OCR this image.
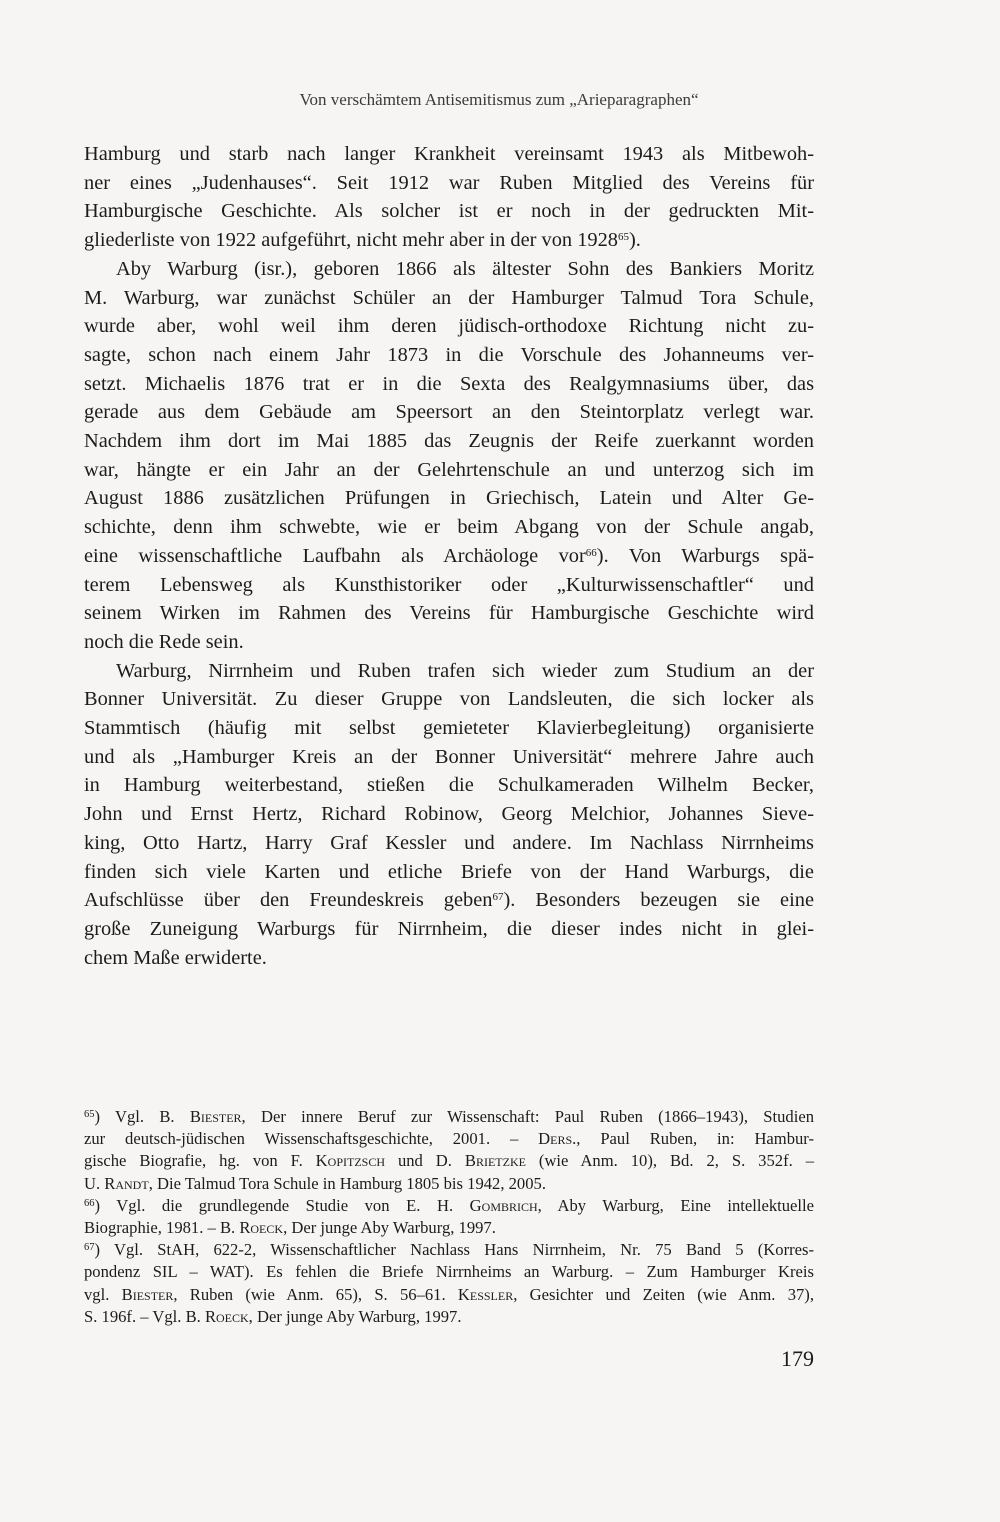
Von verschämtem Antisemitismus zum „Arieparagraphen“
Hamburg und starb nach langer Krankheit vereinsamt 1943 als Mitbewoh-
ner eines „Judenhauses“. Seit 1912 war Ruben Mitglied des Vereins für
Hamburgische Geschichte. Als solcher ist er noch in der gedruckten Mit-
gliederliste von 1922 aufgeführt, nicht mehr aber in der von 1928$^{65}$).
Aby Warburg (isr.), geboren 1866 als ältester Sohn des Bankiers Moritz
M. Warburg, war zunächst Schüler an der Hamburger Talmud Tora Schule,
wurde aber, wohl weil ihm deren jüdisch-orthodoxe Richtung nicht zu-
sagte, schon nach einem Jahr 1873 in die Vorschule des Johanneums ver-
setzt. Michaelis 1876 trat er in die Sexta des Realgymnasiums über, das
gerade aus dem Gebäude am Speersort an den Steintorplatz verlegt war.
Nachdem ihm dort im Mai 1885 das Zeugnis der Reife zuerkannt worden
war, hängte er ein Jahr an der Gelehrtenschule an und unterzog sich im
August 1886 zusätzlichen Prüfungen in Griechisch, Latein und Alter Ge-
schichte, denn ihm schwebte, wie er beim Abgang von der Schule angab,
eine wissenschaftliche Laufbahn als Archäologe vor$^{66}$). Von Warburgs spä-
terem Lebensweg als Kunsthistoriker oder „Kulturwissenschaftler“ und
seinem Wirken im Rahmen des Vereins für Hamburgische Geschichte wird
noch die Rede sein.
Warburg, Nirrnheim und Ruben trafen sich wieder zum Studium an der
Bonner Universität. Zu dieser Gruppe von Landsleuten, die sich locker als
Stammtisch (häufig mit selbst gemieteter Klavierbegleitung) organisierte
und als „Hamburger Kreis an der Bonner Universität“ mehrere Jahre auch
in Hamburg weiterbestand, stießen die Schulkameraden Wilhelm Becker,
John und Ernst Hertz, Richard Robinow, Georg Melchior, Johannes Sieve-
king, Otto Hartz, Harry Graf Kessler und andere. Im Nachlass Nirrnheims
finden sich viele Karten und etliche Briefe von der Hand Warburgs, die
Aufschlüsse über den Freundeskreis geben$^{67}$). Besonders bezeugen sie eine
große Zuneigung Warburgs für Nirrnheim, die dieser indes nicht in glei-
chem Maße erwiderte.
$^{65}$) Vgl. B. Biester, Der innere Beruf zur Wissenschaft: Paul Ruben (1866–1943), Studien
zur deutsch-jüdischen Wissenschaftsgeschichte, 2001. – Ders., Paul Ruben, in: Hambur-
gische Biografie, hg. von F. Kopitzsch und D. Brietzke (wie Anm. 10), Bd. 2, S. 352f. –
U. Randt, Die Talmud Tora Schule in Hamburg 1805 bis 1942, 2005.
$^{66}$) Vgl. die grundlegende Studie von E. H. Gombrich, Aby Warburg, Eine intellektuelle
Biographie, 1981. – B. Roeck, Der junge Aby Warburg, 1997.
$^{67}$) Vgl. StAH, 622-2, Wissenschaftlicher Nachlass Hans Nirrnheim, Nr. 75 Band 5 (Korres-
pondenz SIL – WAT). Es fehlen die Briefe Nirrnheims an Warburg. – Zum Hamburger Kreis
vgl. Biester, Ruben (wie Anm. 65), S. 56–61. Kessler, Gesichter und Zeiten (wie Anm. 37),
S. 196f. – Vgl. B. Roeck, Der junge Aby Warburg, 1997.
179
